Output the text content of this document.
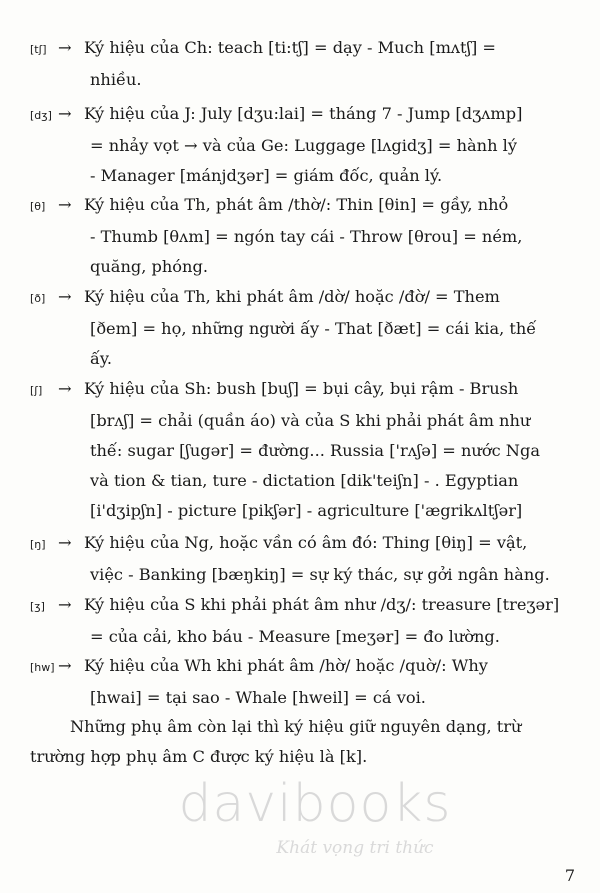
[tʃ] → Ký hiệu của Ch: teach [ti:tʃ] = dạy - Much [mʌtʃ] =
nhiều.
[dʒ] → Ký hiệu của J: July [dʒu:lai] = tháng 7 - Jump [dʒʌmp]
= nhảy vọt → và của Ge: Luggage [lʌgidʒ] = hành lý
- Manager [mánjdʒər] = giám đốc, quản lý.
[θ] → Ký hiệu của Th, phát âm /thờ/: Thin [θin] = gầy, nhỏ
- Thumb [θʌm] = ngón tay cái - Throw [θrou] = ném,
quăng, phóng.
[ð] → Ký hiệu của Th, khi phát âm /dờ/ hoặc /đờ/ = Them
[ðem] = họ, những người ấy - That [ðæt] = cái kia, thế
ấy.
[ʃ] → Ký hiệu của Sh: bush [buʃ] = bụi cây, bụi rậm - Brush
[brʌʃ] = chải (quần áo) và của S khi phải phát âm như
thế: sugar [ʃugər] = đường... Russia ['rʌʃə] = nước Nga
và tion & tian, ture - dictation [dik'teiʃn] - . Egyptian
[i'dʒipʃn] - picture [pikʃər] - agriculture ['ægrikʌltʃər]
[ŋ] → Ký hiệu của Ng, hoặc vần có âm đó: Thing [θiŋ] = vật,
việc - Banking [bæŋkiŋ] = sự ký thác, sự gởi ngân hàng.
[ʒ] → Ký hiệu của S khi phải phát âm như /dʒ/: treasure [treʒər]
= của cải, kho báu - Measure [meʒər] = đo lường.
[hw] → Ký hiệu của Wh khi phát âm /hờ/ hoặc /quờ/: Why
[hwai] = tại sao - Whale [hweil] = cá voi.
Những phụ âm còn lại thì ký hiệu giữ nguyên dạng, trừ
trường hợp phụ âm C được ký hiệu là [k].
davibooks
Khát vọng tri thức
7
